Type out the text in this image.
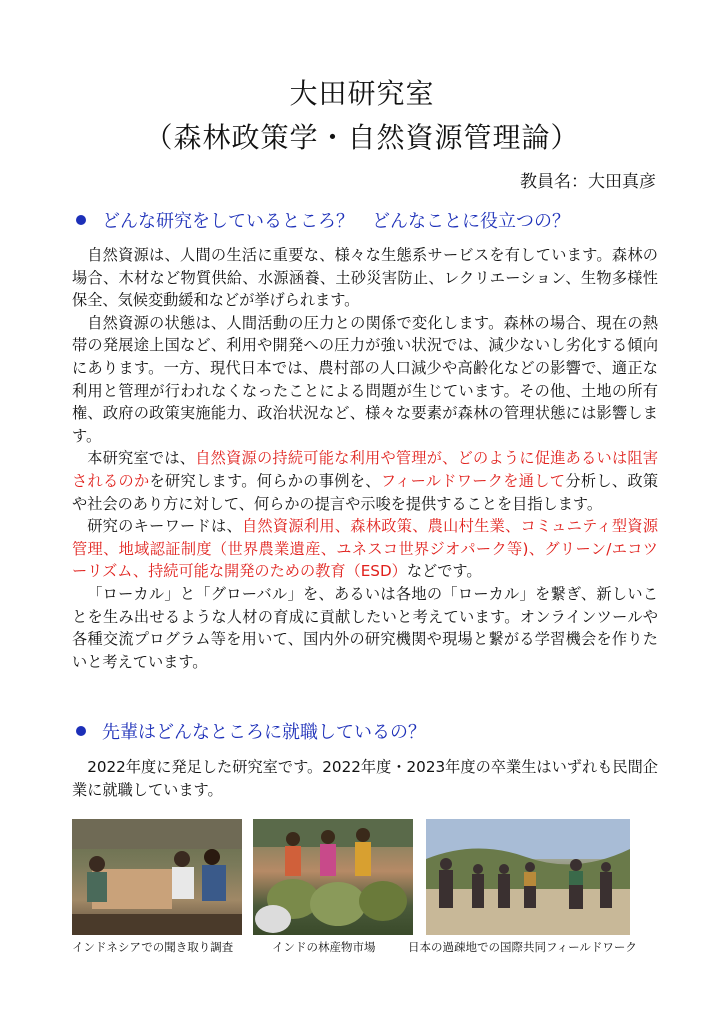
大田研究室
（森林政策学・自然資源管理論）
教員名：大田真彦
どんな研究をしているところ？　どんなことに役立つの？

自然資源は、人間の生活に重要な、様々な生態系サービスを有しています。森林の場合、木材など物質供給、水源涵養、土砂災害防止、レクリエーション、生物多様性保全、気候変動緩和などが挙げられます。

自然資源の状態は、人間活動の圧力との関係で変化します。森林の場合、現在の熱帯の発展途上国など、利用や開発への圧力が強い状況では、減少ないし劣化する傾向にあります。一方、現代日本では、農村部の人口減少や高齢化などの影響で、適正な利用と管理が行われなくなったことによる問題が生じています。その他、土地の所有権、政府の政策実施能力、政治状況など、様々な要素が森林の管理状態には影響します。

本研究室では、自然資源の持続可能な利用や管理が、どのように促進あるいは阻害されるのかを研究します。何らかの事例を、フィールドワークを通して分析し、政策や社会のあり方に対して、何らかの提言や示唆を提供することを目指します。

研究のキーワードは、自然資源利用、森林政策、農山村生業、コミュニティ型資源管理、地域認証制度（世界農業遺産、ユネスコ世界ジオパーク等)、グリーン/エコツーリズム、持続可能な開発のための教育（ESD）などです。

「ローカル」と「グローバル」を、あるいは各地の「ローカル」を繋ぎ、新しいことを生み出せるような人材の育成に貢献したいと考えています。オンラインツールや各種交流プログラム等を用いて、国内外の研究機関や現場と繋がる学習機会を作りたいと考えています。

先輩はどんなところに就職しているの？

2022年度に発足した研究室です。2022年度・2023年度の卒業生はいずれも民間企業に就職しています。

インドネシアでの聞き取り調査	インドの林産物市場	日本の過疎地での国際共同フィールドワーク
